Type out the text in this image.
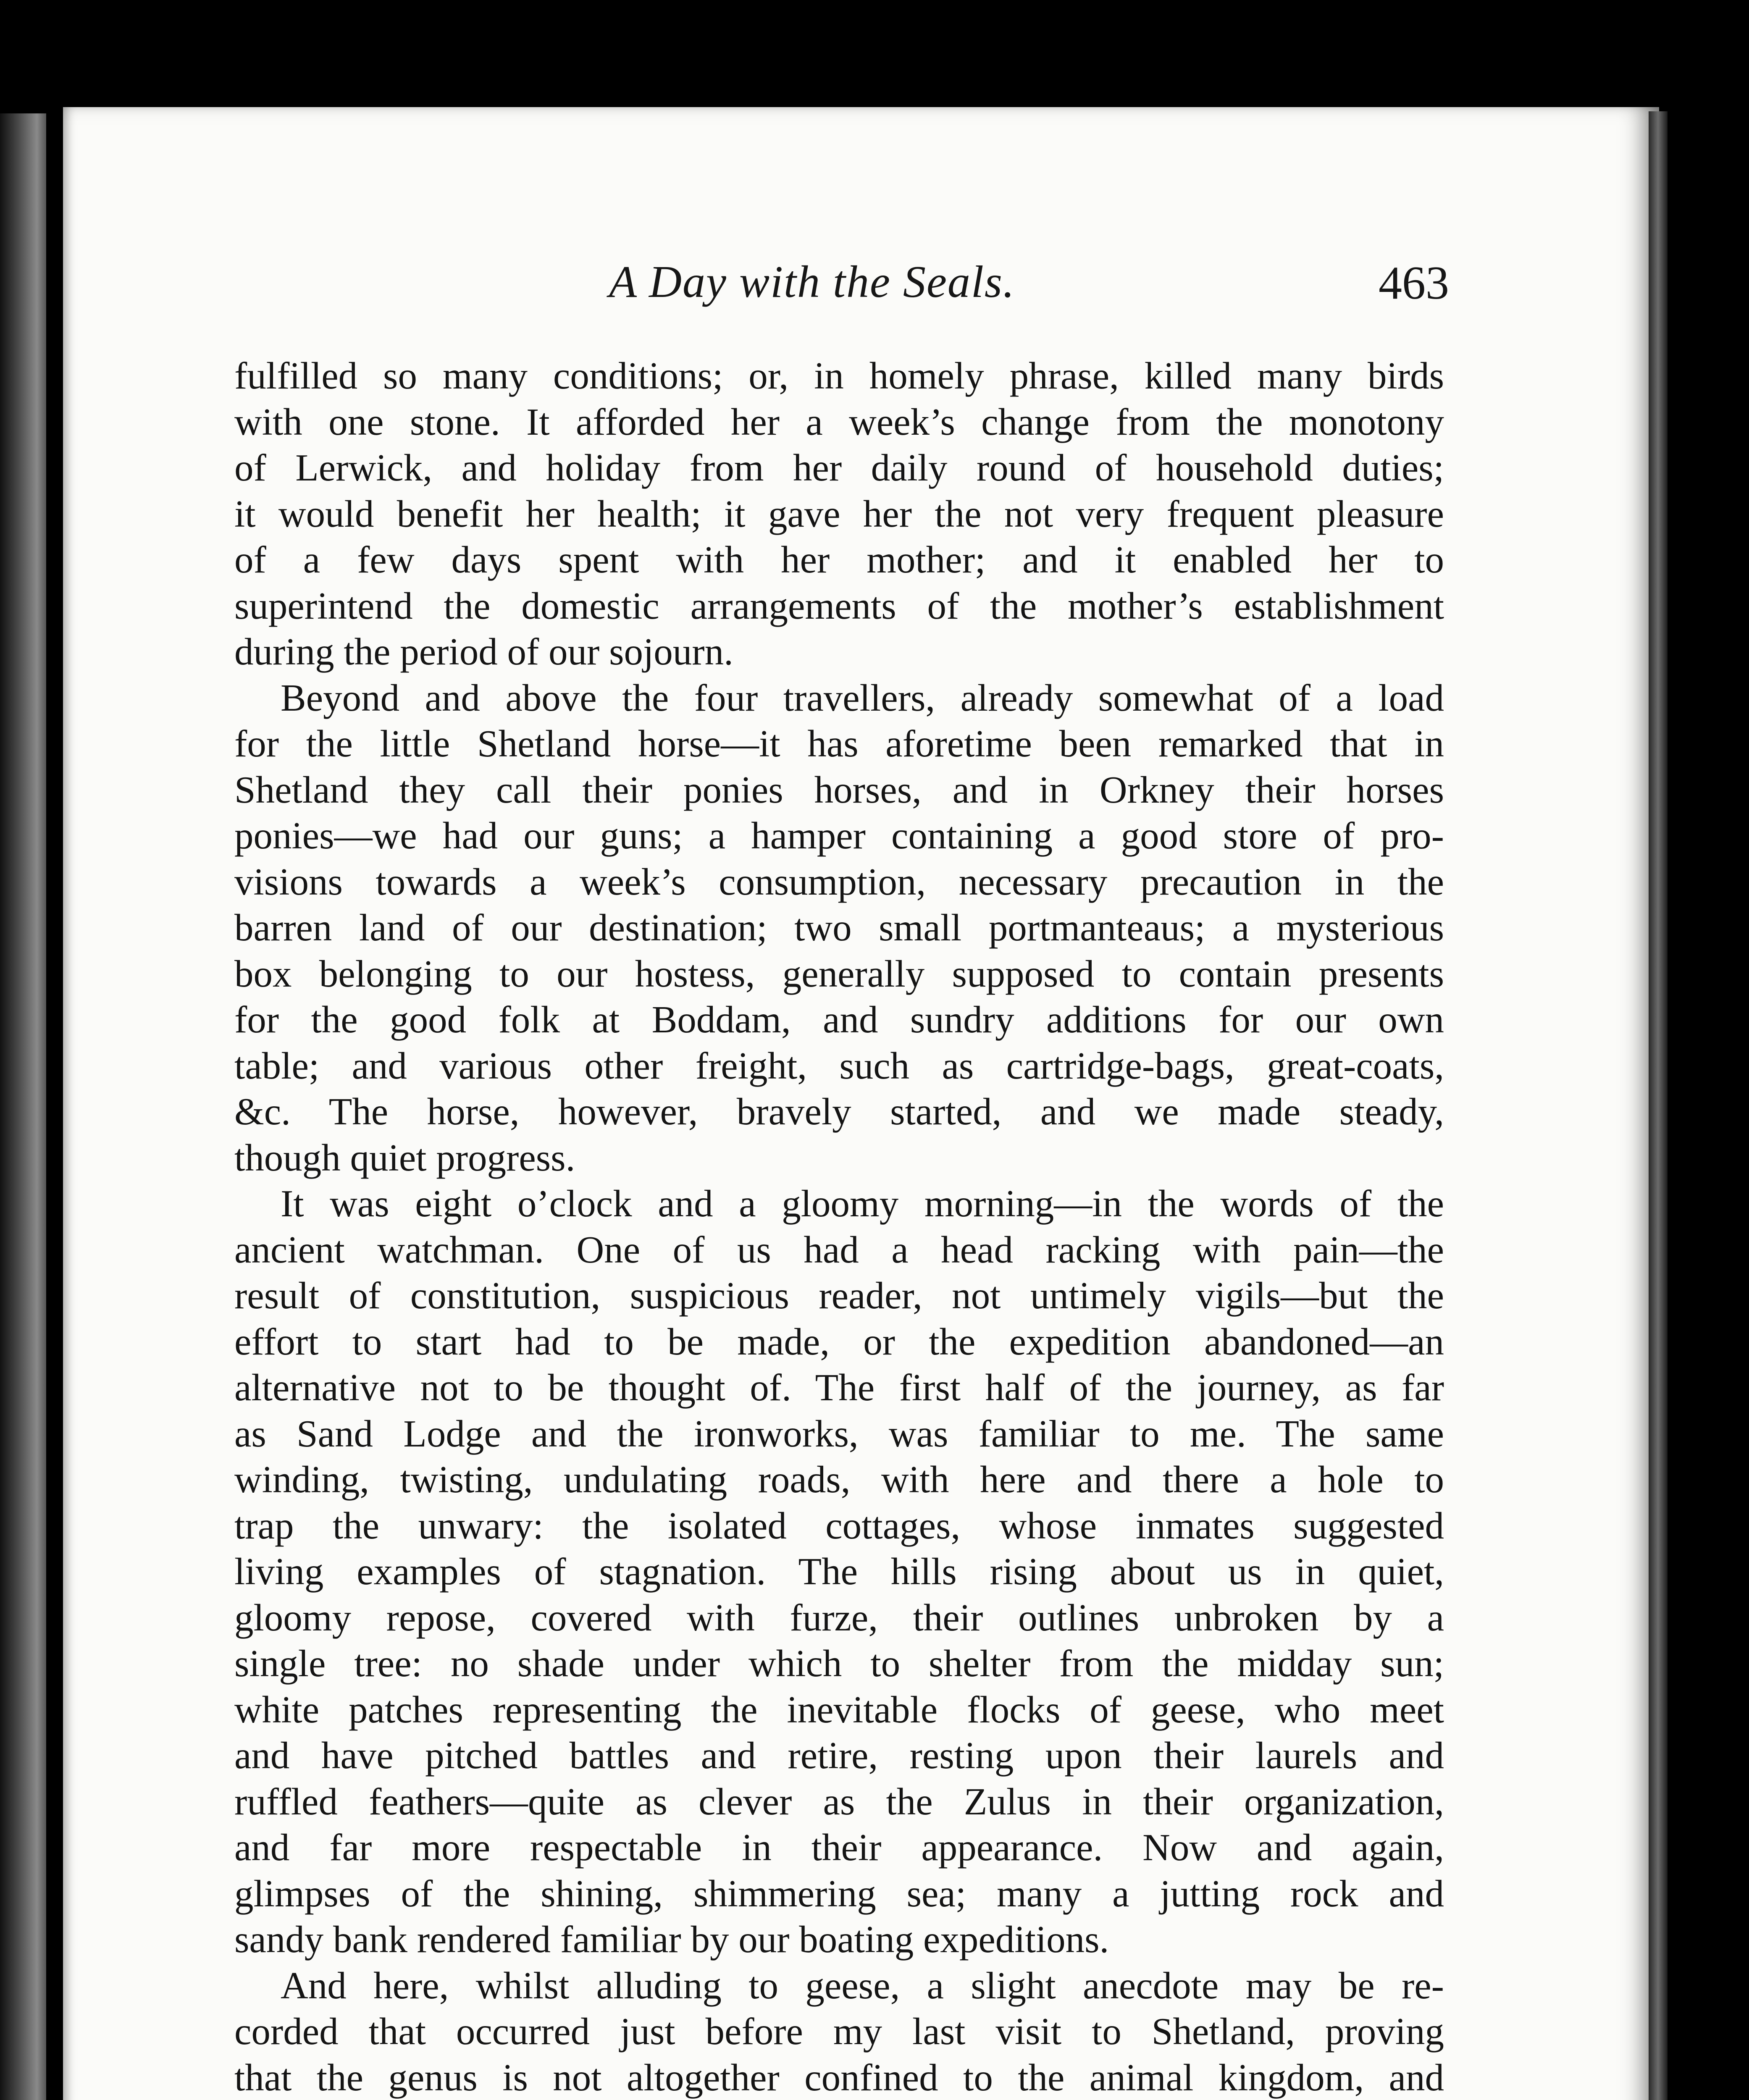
A Day with the Seals.	463
fulfilled so many conditions; or, in homely phrase, killed many birds
with one stone. It afforded her a week’s change from the monotony
of Lerwick, and holiday from her daily round of household duties;
it would benefit her health; it gave her the not very frequent pleasure
of a few days spent with her mother; and it enabled her to
superintend the domestic arrangements of the mother’s establishment
during the period of our sojourn.
Beyond and above the four travellers, already somewhat of a load
for the little Shetland horse—it has aforetime been remarked that in
Shetland they call their ponies horses, and in Orkney their horses
ponies—we had our guns; a hamper containing a good store of pro-
visions towards a week’s consumption, necessary precaution in the
barren land of our destination; two small portmanteaus; a mysterious
box belonging to our hostess, generally supposed to contain presents
for the good folk at Boddam, and sundry additions for our own
table; and various other freight, such as cartridge-bags, great-coats,
&c. The horse, however, bravely started, and we made steady,
though quiet progress.
It was eight o’clock and a gloomy morning—in the words of the
ancient watchman. One of us had a head racking with pain—the
result of constitution, suspicious reader, not untimely vigils—but the
effort to start had to be made, or the expedition abandoned—an
alternative not to be thought of. The first half of the journey, as far
as Sand Lodge and the ironworks, was familiar to me. The same
winding, twisting, undulating roads, with here and there a hole to
trap the unwary: the isolated cottages, whose inmates suggested
living examples of stagnation. The hills rising about us in quiet,
gloomy repose, covered with furze, their outlines unbroken by a
single tree: no shade under which to shelter from the midday sun;
white patches representing the inevitable flocks of geese, who meet
and have pitched battles and retire, resting upon their laurels and
ruffled feathers—quite as clever as the Zulus in their organization,
and far more respectable in their appearance. Now and again,
glimpses of the shining, shimmering sea; many a jutting rock and
sandy bank rendered familiar by our boating expeditions.
And here, whilst alluding to geese, a slight anecdote may be re-
corded that occurred just before my last visit to Shetland, proving
that the genus is not altogether confined to the animal kingdom, and
